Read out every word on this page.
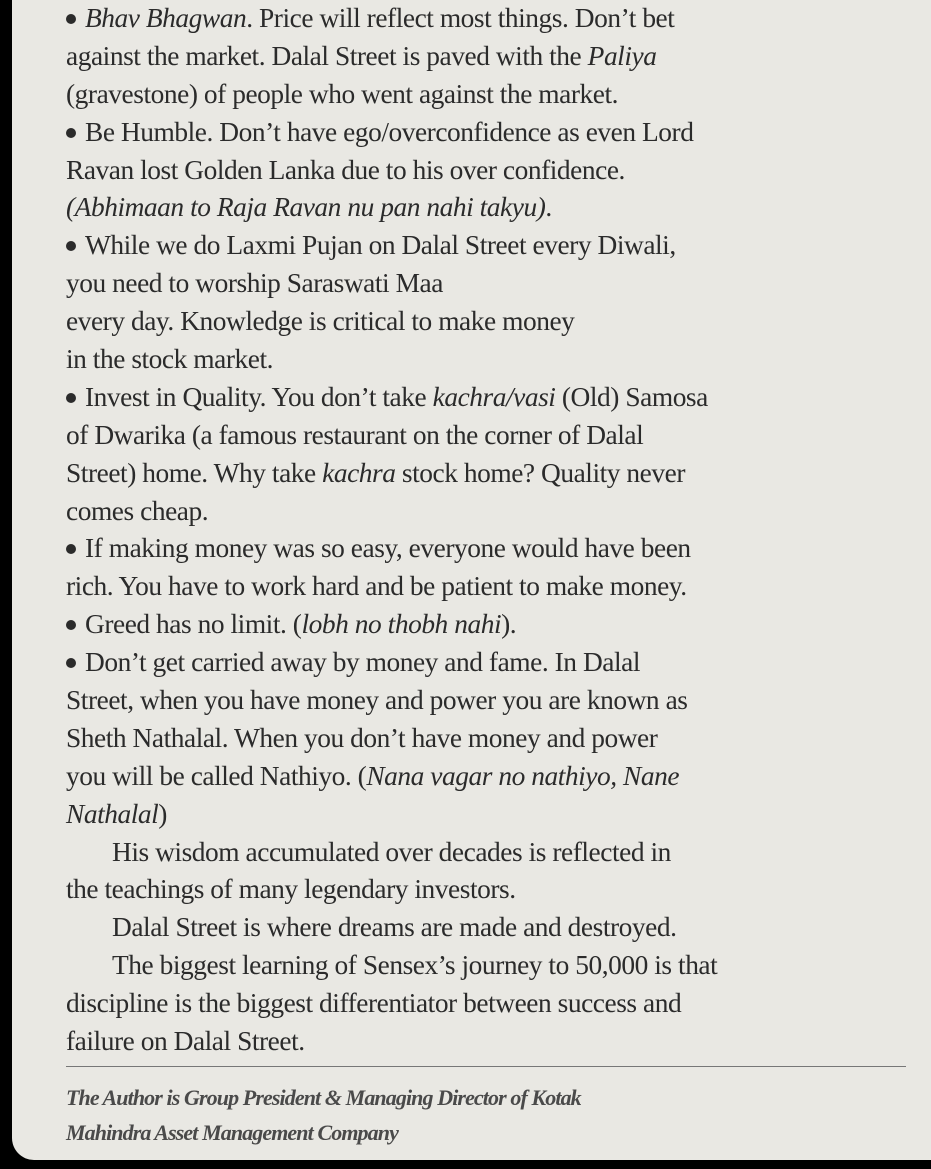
Bhav Bhagwan. Price will reflect most things. Don’t bet
against the market. Dalal Street is paved with the Paliya
(gravestone) of people who went against the market.
Be Humble. Don’t have ego/overconfidence as even Lord
Ravan lost Golden Lanka due to his over confidence.
(Abhimaan to Raja Ravan nu pan nahi takyu).
While we do Laxmi Pujan on Dalal Street every Diwali,
you need to worship Saraswati Maa
every day. Knowledge is critical to make money
in the stock market.
Invest in Quality. You don’t take kachra/vasi (Old) Samosa
of Dwarika (a famous restaurant on the corner of Dalal
Street) home. Why take kachra stock home? Quality never
comes cheap.
If making money was so easy, everyone would have been
rich. You have to work hard and be patient to make money.
Greed has no limit. (lobh no thobh nahi).
Don’t get carried away by money and fame. In Dalal
Street, when you have money and power you are known as
Sheth Nathalal. When you don’t have money and power
you will be called Nathiyo. (Nana vagar no nathiyo, Nane
Nathalal)
His wisdom accumulated over decades is reflected in
the teachings of many legendary investors.
Dalal Street is where dreams are made and destroyed.
The biggest learning of Sensex’s journey to 50,000 is that
discipline is the biggest differentiator between success and
failure on Dalal Street.
The Author is Group President & Managing Director of Kotak
Mahindra Asset Management Company
